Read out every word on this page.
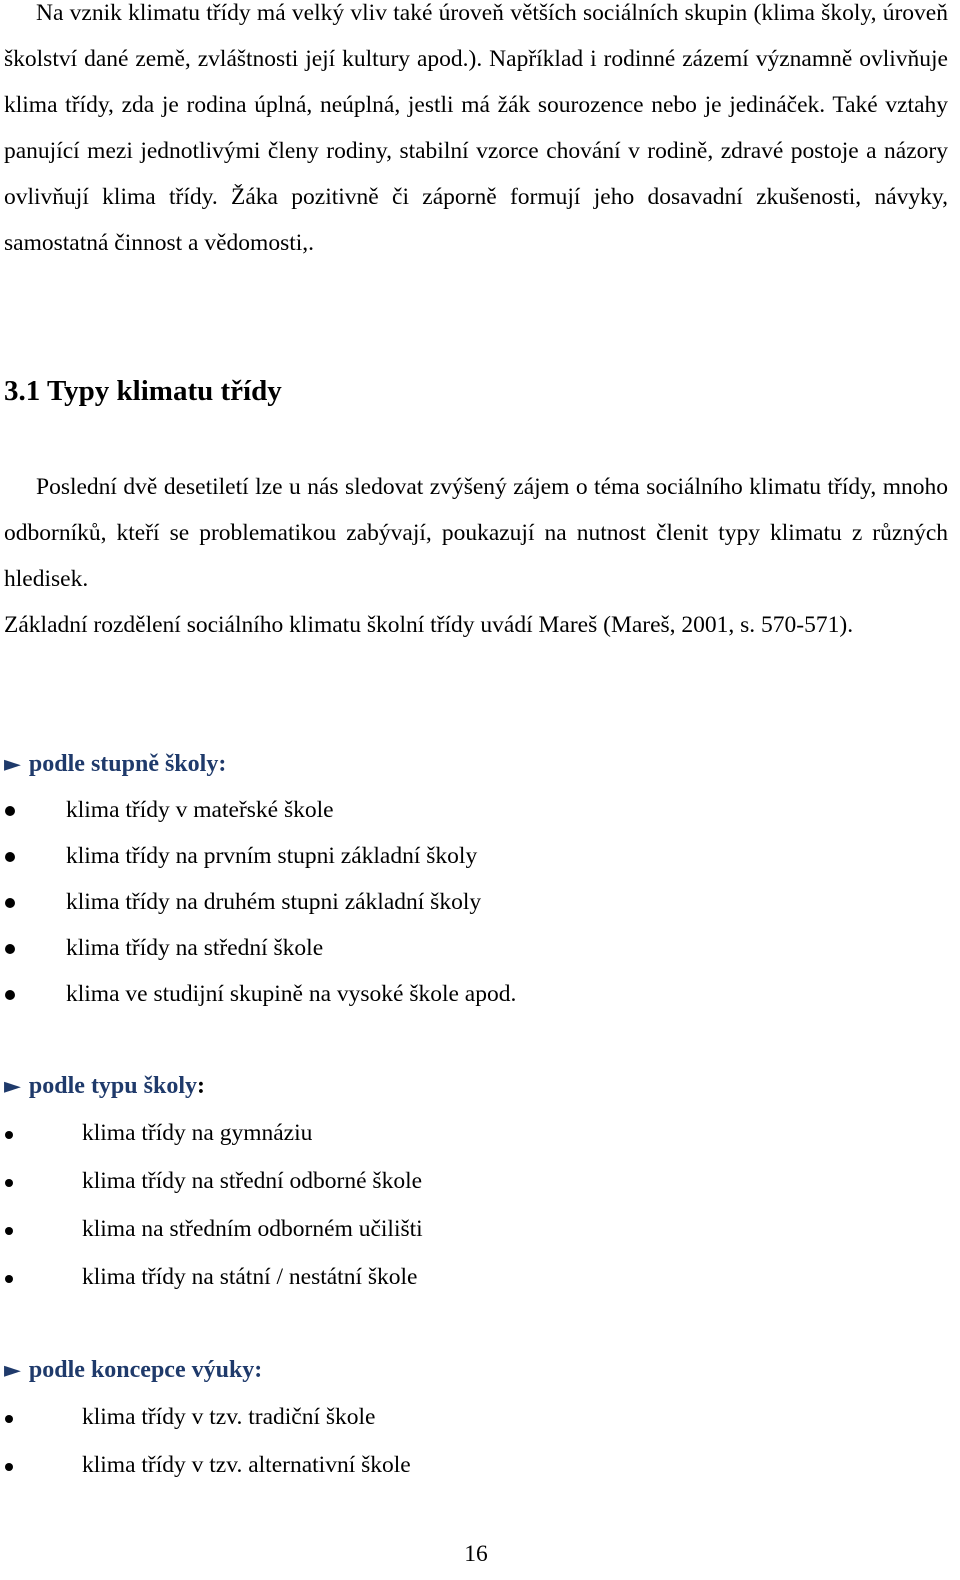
Na vznik klimatu třídy má velký vliv také úroveň větších sociálních skupin (klima školy, úroveň školství dané země, zvláštnosti její kultury apod.). Například i rodinné zázemí významně ovlivňuje klima třídy, zda je rodina úplná, neúplná, jestli má žák sourozence nebo je jedináček. Také vztahy panující mezi jednotlivými členy rodiny, stabilní vzorce chování v rodině, zdravé postoje a názory ovlivňují klima třídy. Žáka pozitivně či záporně formují jeho dosavadní zkušenosti, návyky, samostatná činnost a vědomosti,.

3.1 Typy klimatu třídy

Poslední dvě desetiletí lze u nás sledovat zvýšený zájem o téma sociálního klimatu třídy, mnoho odborníků, kteří se problematikou zabývají, poukazují na nutnost členit typy klimatu z různých hledisek.

Základní rozdělení sociálního klimatu školní třídy uvádí Mareš (Mareš, 2001, s. 570-571).

► podle stupně školy:
klima třídy v mateřské škole
klima třídy na prvním stupni základní školy
klima třídy na druhém stupni základní školy
klima třídy na střední škole
klima ve studijní skupině na vysoké škole apod.
► podle typu školy:
klima třídy na gymnáziu
klima třídy na střední odborné škole
klima na středním odborném učilišti
klima třídy na státní / nestátní škole
► podle koncepce výuky:
klima třídy v tzv. tradiční škole
klima třídy v tzv. alternativní škole
16
